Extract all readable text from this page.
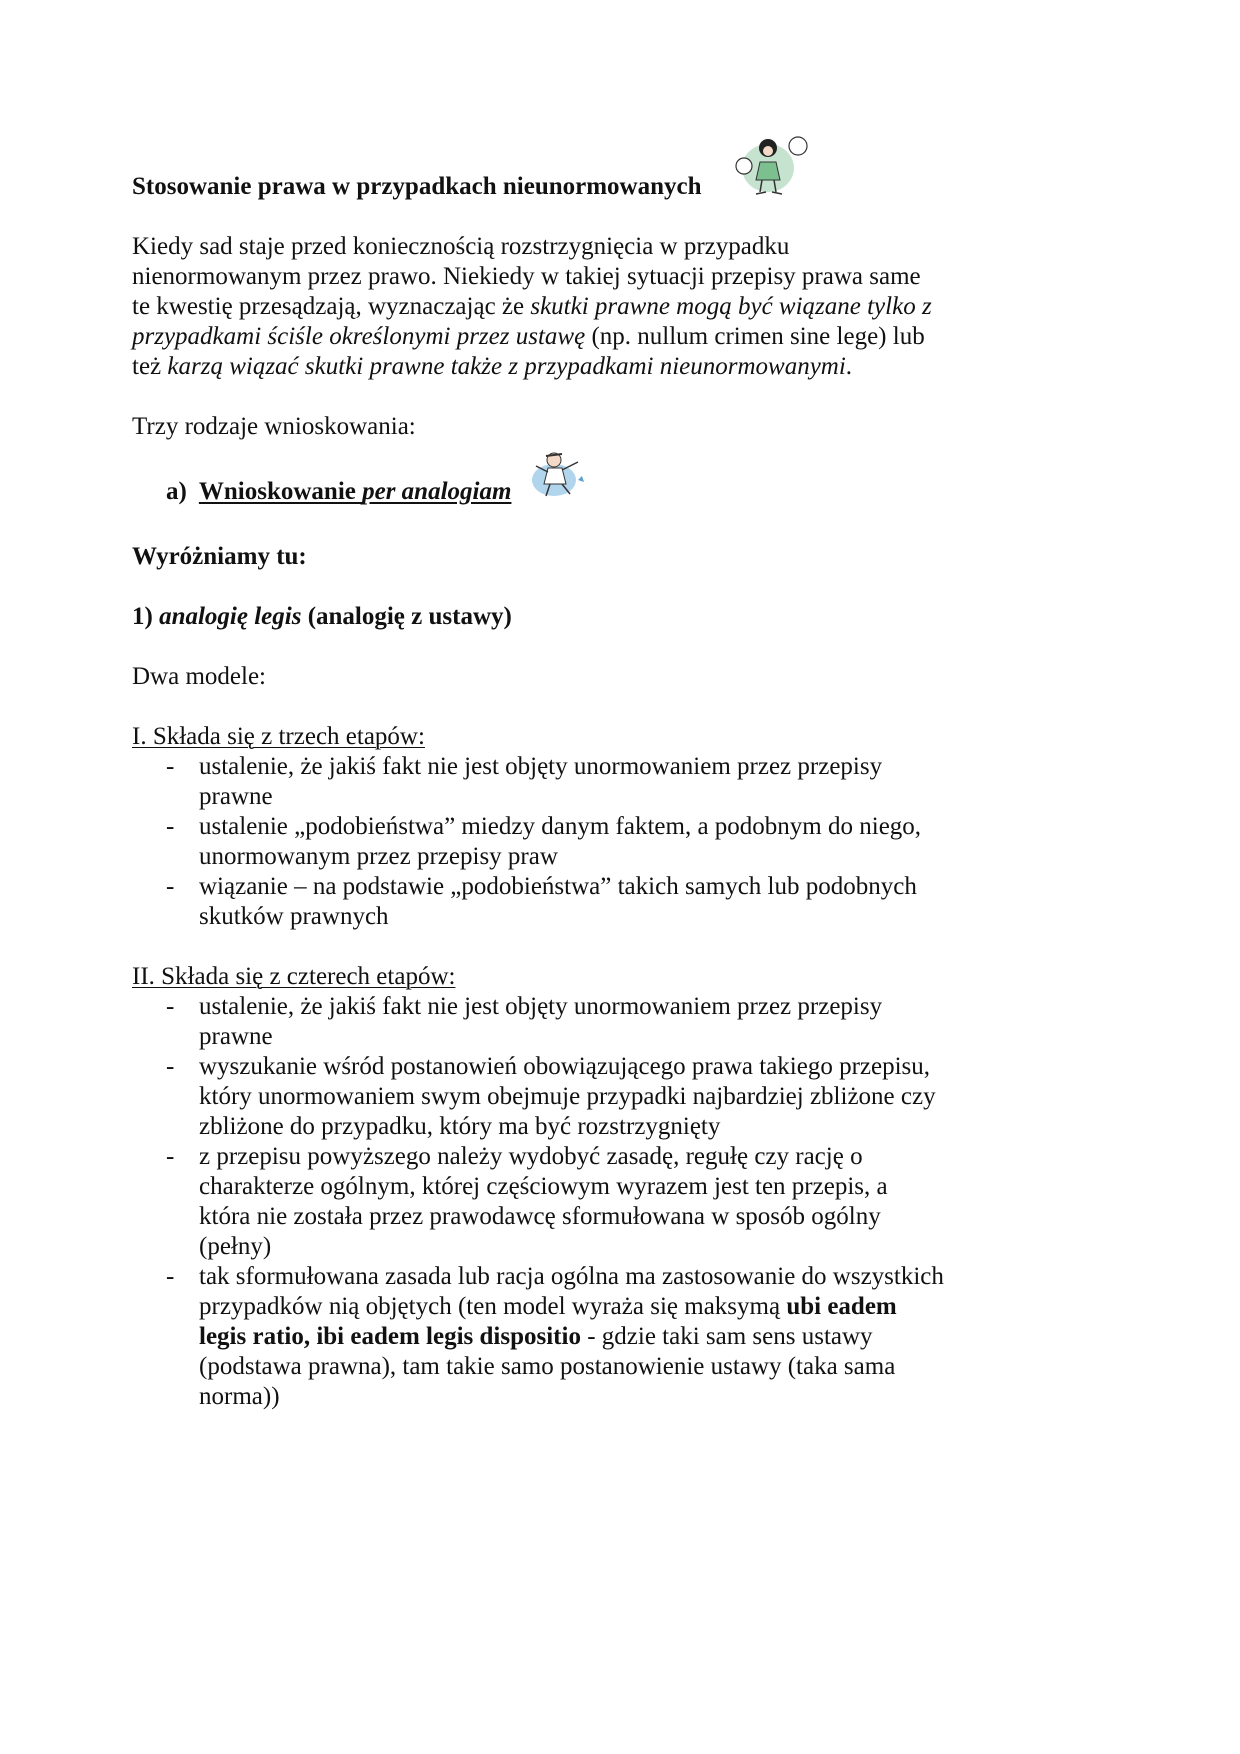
Stosowanie prawa w przypadkach nieunormowanych
Kiedy sad staje przed koniecznością rozstrzygnięcia w przypadku
nienormowanym przez prawo. Niekiedy w takiej sytuacji przepisy prawa same
te kwestię przesądzają, wyznaczając że skutki prawne mogą być wiązane tylko z
przypadkami ściśle określonymi przez ustawę (np. nullum crimen sine lege) lub
też karzą wiązać skutki prawne także z przypadkami nieunormowanymi.
Trzy rodzaje wnioskowania:
a)  Wnioskowanie per analogiam
Wyróżniamy tu:
1) analogię legis (analogię z ustawy)
Dwa modele:
I. Składa się z trzech etapów:
- ustalenie, że jakiś fakt nie jest objęty unormowaniem przez przepisy
prawne
- ustalenie „podobieństwa” miedzy danym faktem, a podobnym do niego,
unormowanym przez przepisy praw
- wiązanie – na podstawie „podobieństwa” takich samych lub podobnych
skutków prawnych
II. Składa się z czterech etapów:
- ustalenie, że jakiś fakt nie jest objęty unormowaniem przez przepisy
prawne
- wyszukanie wśród postanowień obowiązującego prawa takiego przepisu,
który unormowaniem swym obejmuje przypadki najbardziej zbliżone czy
zbliżone do przypadku, który ma być rozstrzygnięty
- z przepisu powyższego należy wydobyć zasadę, regułę czy rację o
charakterze ogólnym, której częściowym wyrazem jest ten przepis, a
która nie została przez prawodawcę sformułowana w sposób ogólny
(pełny)
- tak sformułowana zasada lub racja ogólna ma zastosowanie do wszystkich
przypadków nią objętych (ten model wyraża się maksymą ubi eadem
legis ratio, ibi eadem legis dispositio - gdzie taki sam sens ustawy
(podstawa prawna), tam takie samo postanowienie ustawy (taka sama
norma))
